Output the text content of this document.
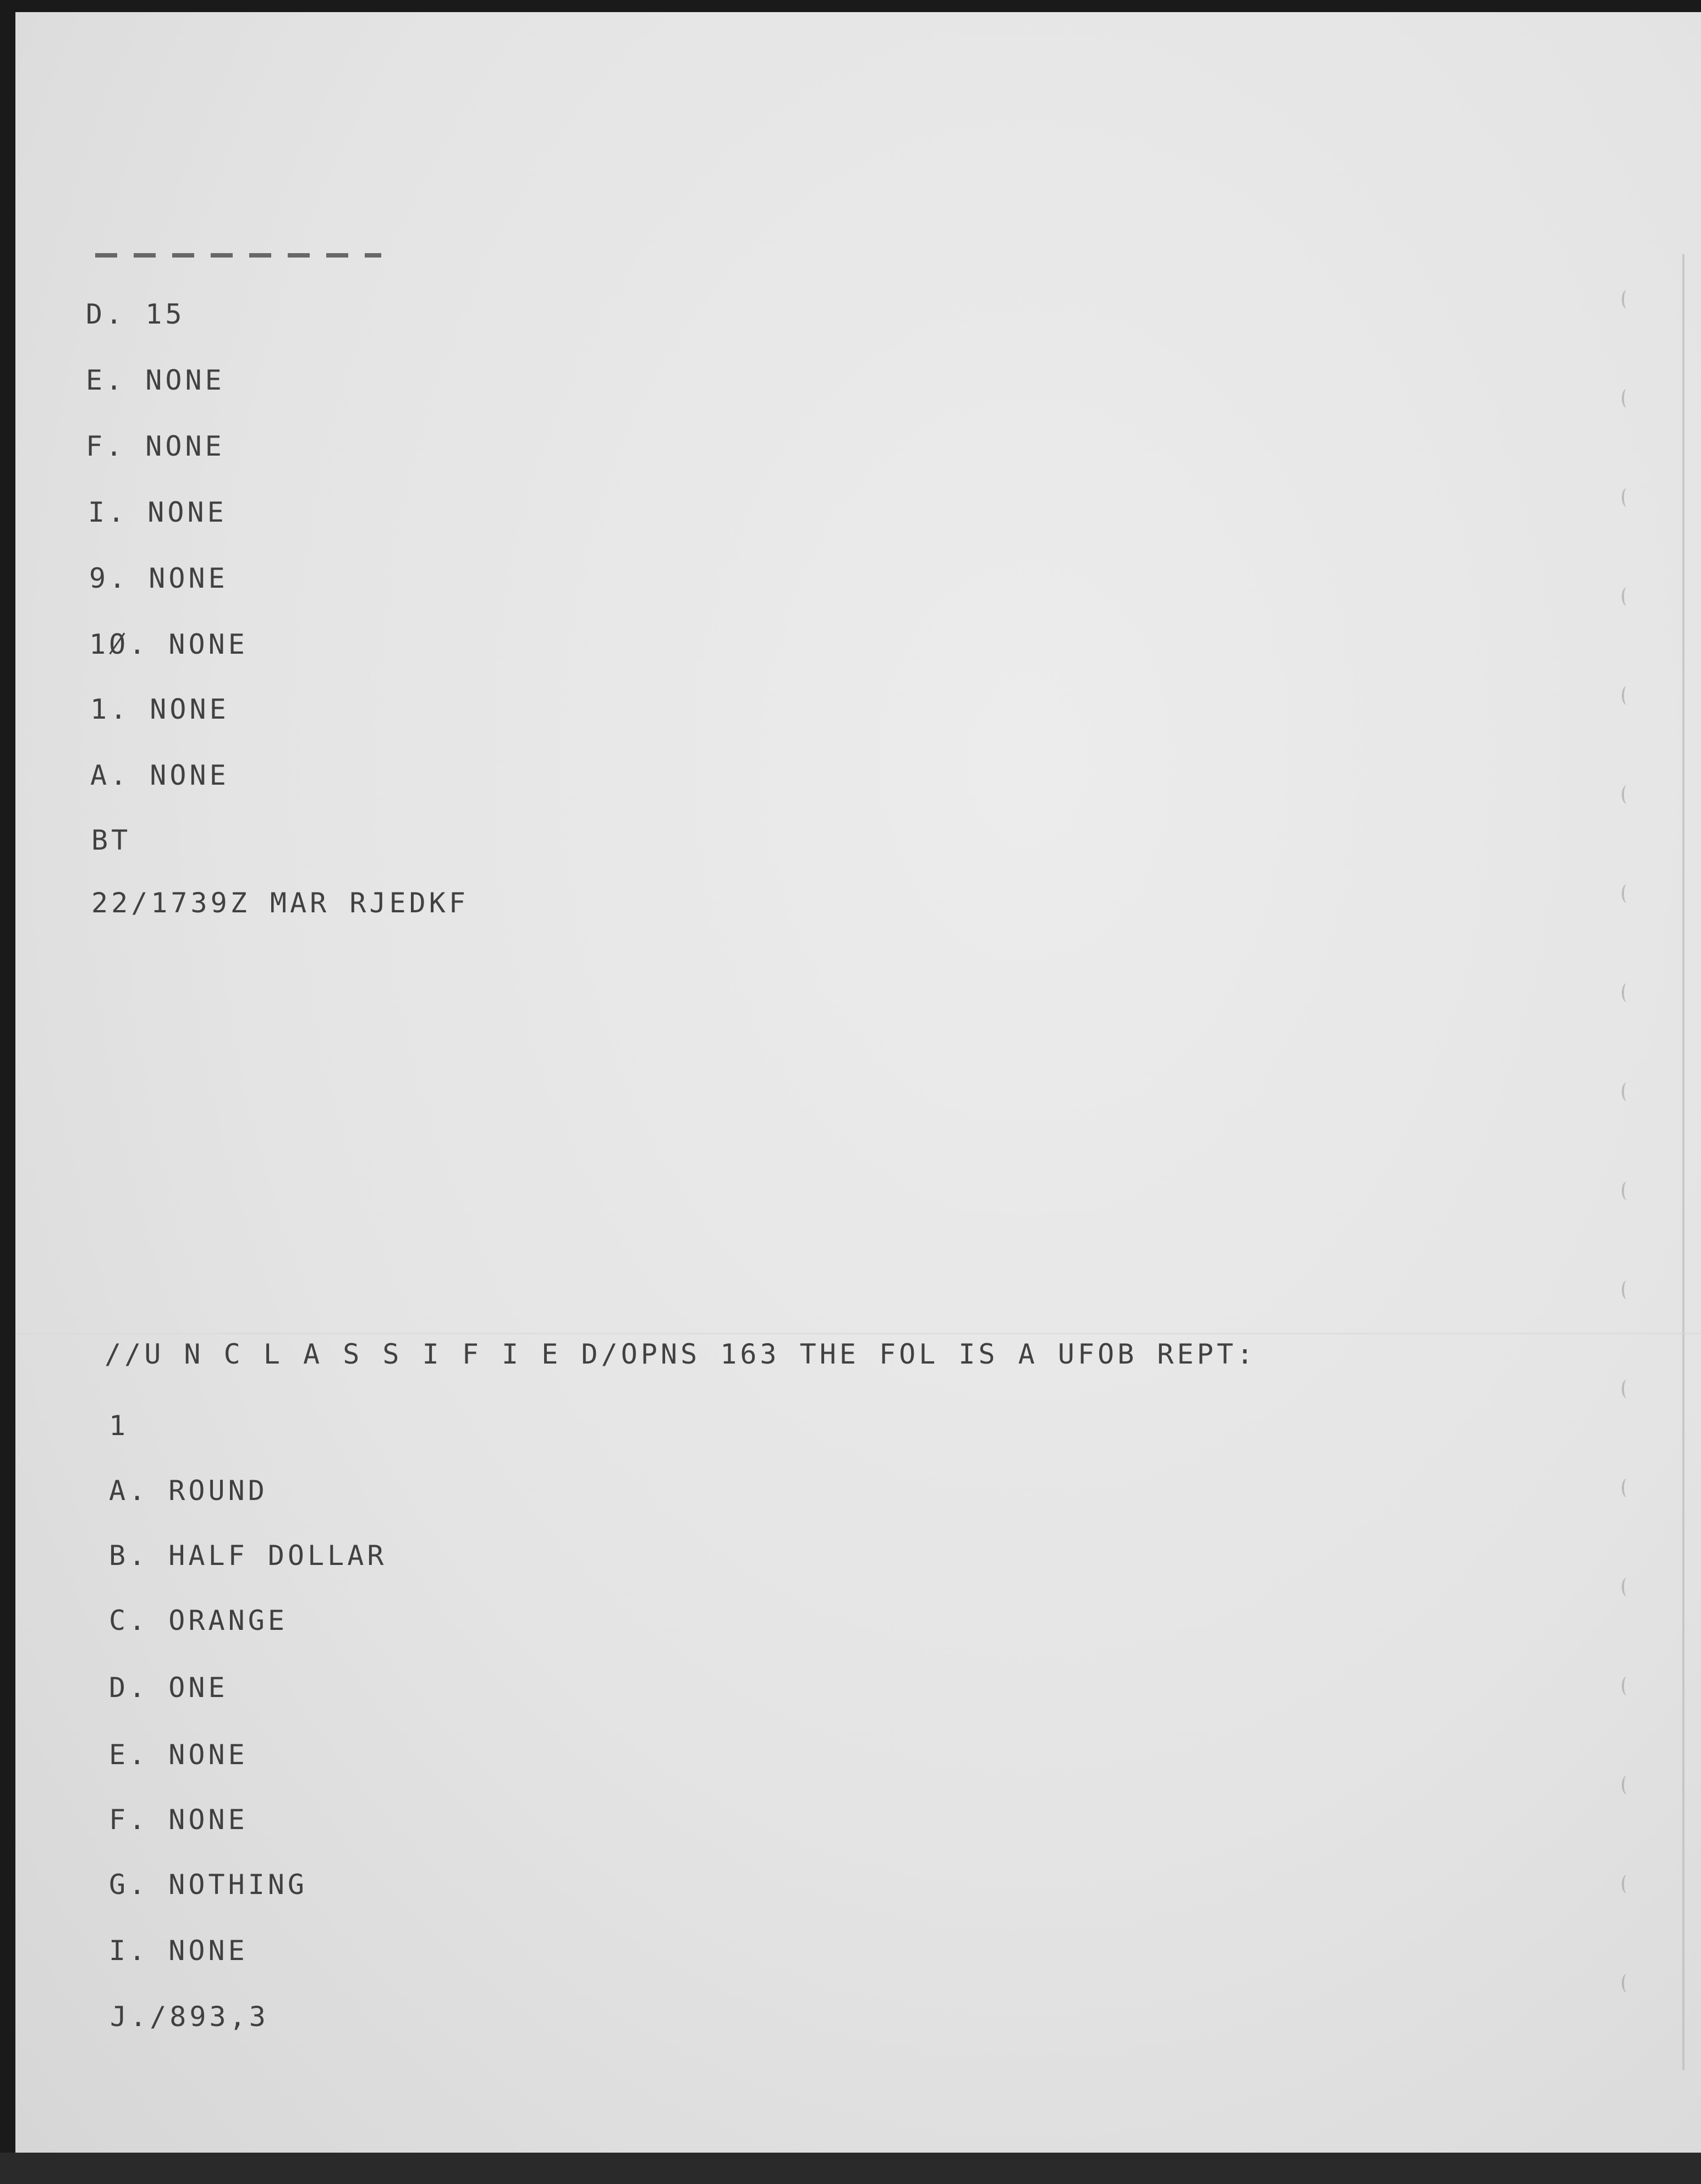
D. 15
E. NONE
F. NONE
I. NONE
9. NONE
1Ø. NONE
1. NONE
A. NONE
BT
22/1739Z MAR RJEDKF
//U N C L A S S I F I E D/OPNS 163 THE FOL IS A UFOB REPT:
1
A. ROUND
B. HALF DOLLAR
C. ORANGE
D. ONE
E. NONE
F. NONE
G. NOTHING
I. NONE
J./893,3
